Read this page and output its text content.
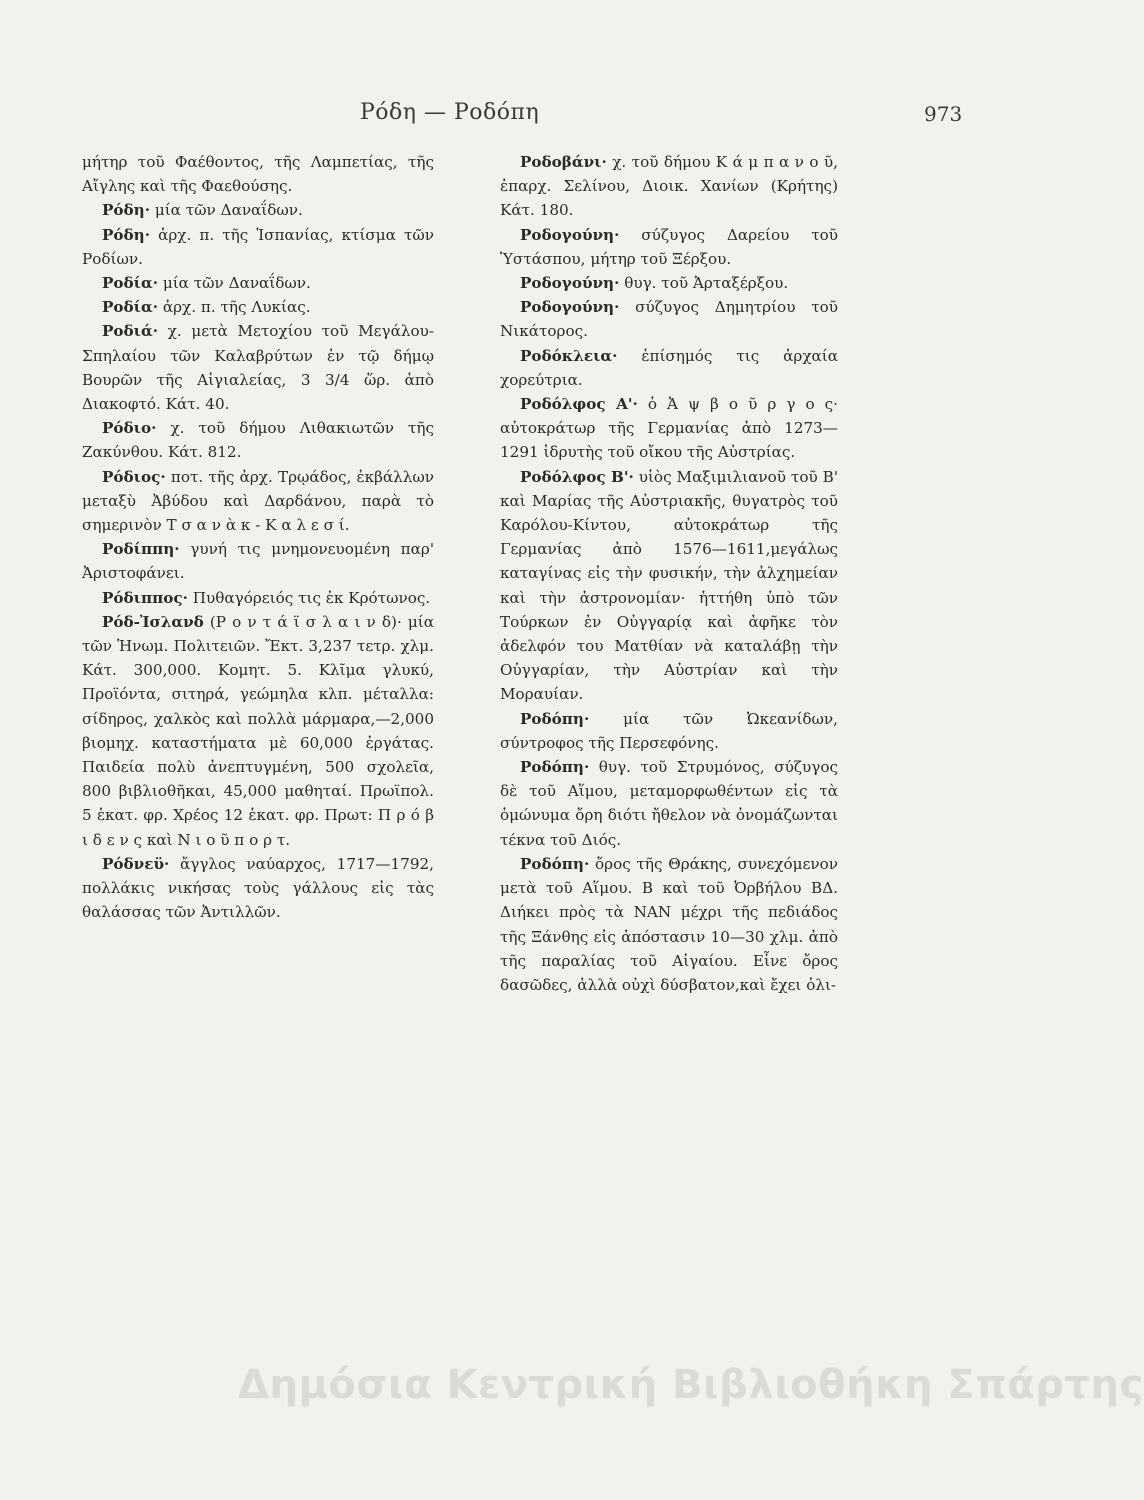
Ρόδη — Ροδόπη	973
μήτηρ τοῦ Φαέθοντος, τῆς Λαμπετίας, τῆς Αἴγλης καὶ τῆς Φαεθούσης.
Ρόδη· μία τῶν Δαναΐδων.
Ρόδη· ἀρχ. π. τῆς Ἱσπανίας, κτίσμα τῶν Ροδίων.
Ροδία· μία τῶν Δαναΐδων.
Ροδία· ἀρχ. π. τῆς Λυκίας.
Ροδιά· χ. μετὰ Μετοχίου τοῦ Μεγάλου-Σπηλαίου τῶν Καλαβρύτων ἐν τῷ δήμῳ Βουρῶν τῆς Αἰγιαλείας, 3 3/4 ὥρ. ἀπὸ Διακοφτό. Κάτ. 40.
Ρόδιο· χ. τοῦ δήμου Λιθακιωτῶν τῆς Ζακύνθου. Κάτ. 812.
Ρόδιος· ποτ. τῆς ἀρχ. Τρῳάδος, ἐκβάλλων μεταξὺ Ἀβύδου καὶ Δαρδάνου, παρὰ τὸ σημερινὸν Τ σ α ν ὰ κ - Κ α λ ε σ ί.
Ροδίππη· γυνή τις μνημονευομένη παρ' Ἀριστοφάνει.
Ρόδιππος· Πυθαγόρειός τις ἐκ Κρότωνος.
Ρόδ-Ἰσλανδ (Ρ ο ν τ ά ϊ σ λ α ι ν δ)· μία τῶν Ἡνωμ. Πολιτειῶν. Ἔκτ. 3,237 τετρ. χλμ. Κάτ. 300,000. Κομητ. 5. Κλῖμα γλυκύ, Προϊόντα, σιτηρά, γεώμηλα κλπ. μέταλλα: σίδηρος, χαλκὸς καὶ πολλὰ μάρμαρα,—2,000 βιομηχ. καταστήματα μὲ 60,000 ἐργάτας. Παιδεία πολὺ ἀνεπτυγμένη, 500 σχολεῖα, 800 βιβλιοθῆκαι, 45,000 μαθηταί. Πρωϊπολ. 5 ἑκατ. φρ. Χρέος 12 ἑκατ. φρ. Πρωτ: Π ρ ό β ι δ ε ν ς καὶ Ν ι ο ῦ π ο ρ τ.
Ρόδνεϋ· ἄγγλος ναύαρχος, 1717—1792, πολλάκις νικήσας τοὺς γάλλους εἰς τὰς θαλάσσας τῶν Ἀντιλλῶν.
Ροδοβάνι· χ. τοῦ δήμου Κ ά μ π α ν ο ῦ, ἐπαρχ. Σελίνου, Διοικ. Χανίων (Κρήτης) Κάτ. 180.
Ροδογούνη· σύζυγος Δαρείου τοῦ Ὑστάσπου, μήτηρ τοῦ Ξέρξου.
Ροδογούνη· θυγ. τοῦ Ἀρταξέρξου.
Ροδογούνη· σύζυγος Δημητρίου τοῦ Νικάτορος.
Ροδόκλεια· ἐπίσημός τις ἀρχαία χορεύτρια.
Ροδόλφος Α'· ὁ Ἀ ψ β ο ῦ ρ γ ο ς· αὐτοκράτωρ τῆς Γερμανίας ἀπὸ 1273—1291 ἱδρυτὴς τοῦ οἴκου τῆς Αὐστρίας.
Ροδόλφος Β'· υἱὸς Μαξιμιλιανοῦ τοῦ Β' καὶ Μαρίας τῆς Αὐστριακῆς, θυγατρὸς τοῦ Καρόλου-Κίντου, αὐτοκράτωρ τῆς Γερμανίας ἀπὸ 1576—1611,μεγάλως καταγίνας εἰς τὴν φυσικήν, τὴν ἀλχημείαν καὶ τὴν ἀστρονομίαν· ἡττήθη ὑπὸ τῶν Τούρκων ἐν Οὐγγαρίᾳ καὶ ἀφῆκε τὸν ἀδελφόν του Ματθίαν νὰ καταλάβῃ τὴν Οὐγγαρίαν, τὴν Αὐστρίαν καὶ τὴν Μοραυίαν.
Ροδόπη· μία τῶν Ὠκεανίδων, σύντροφος τῆς Περσεφόνης.
Ροδόπη· θυγ. τοῦ Στρυμόνος, σύζυγος δὲ τοῦ Αἵμου, μεταμορφωθέντων εἰς τὰ ὁμώνυμα ὄρη διότι ἤθελον νὰ ὀνομάζωνται τέκνα τοῦ Διός.
Ροδόπη· ὄρος τῆς Θράκης, συνεχόμενον μετὰ τοῦ Αἵμου. Β καὶ τοῦ Ὀρβήλου ΒΔ. Διήκει πρὸς τὰ ΝΑΝ μέχρι τῆς πεδιάδος τῆς Ξάνθης εἰς ἀπόστασιν 10—30 χλμ. ἀπὸ τῆς παραλίας τοῦ Αἰγαίου. Εἶνε ὄρος δασῶδες, ἀλλὰ οὐχὶ δύσβατον,καὶ ἔχει ὀλι-
Δημόσια Κεντρική Βιβλιοθήκη Σπάρτης
